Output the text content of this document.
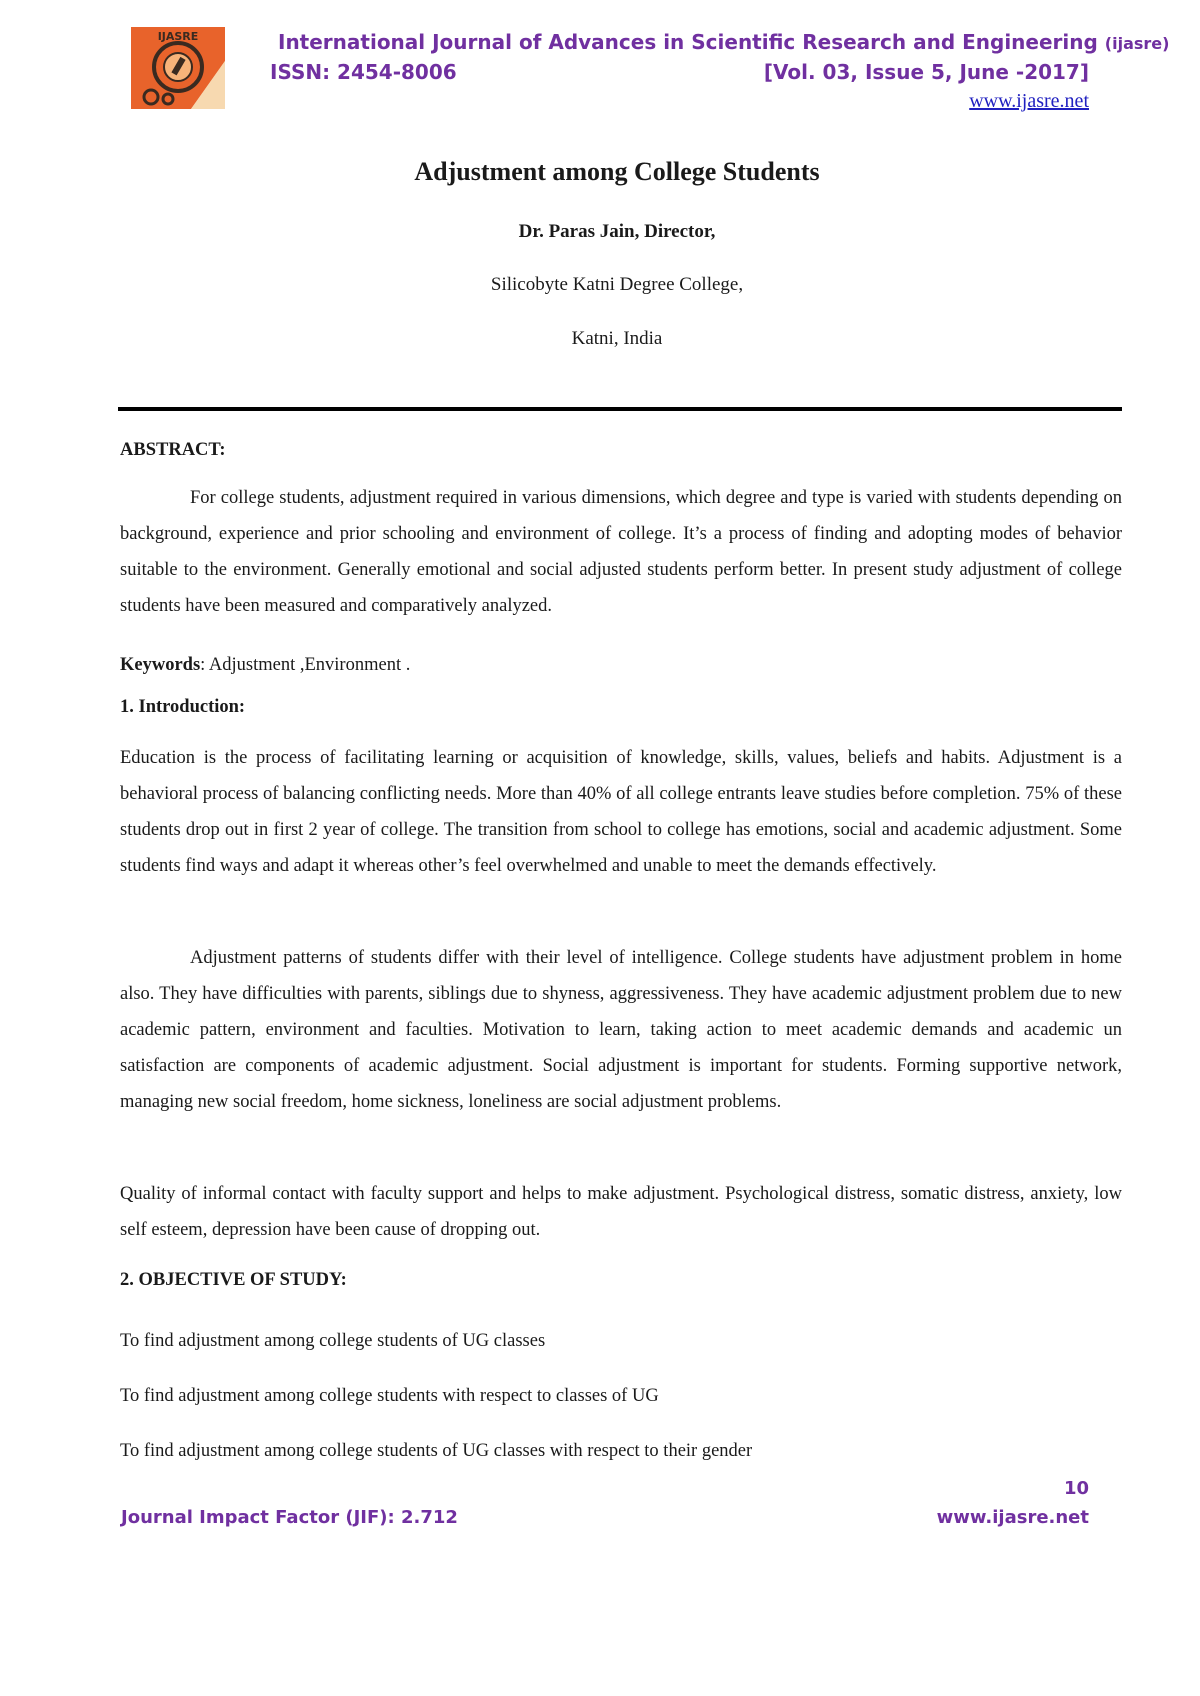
IJASRE	International Journal of Advances in Scientific Research and Engineering (ijasre)
ISSN: 2454-8006	[Vol. 03, Issue 5, June -2017]
www.ijasre.net
Adjustment among College Students
Dr. Paras Jain, Director,
Silicobyte Katni Degree College,
Katni, India
ABSTRACT:
For college students, adjustment required in various dimensions, which degree and type is varied with students depending on background, experience and prior schooling and environment of college. It’s a process of finding and adopting modes of behavior suitable to the environment. Generally emotional and social adjusted students perform better. In present study adjustment of college students have been measured and comparatively analyzed.
Keywords: Adjustment ,Environment .
1. Introduction:
Education is the process of facilitating learning or acquisition of knowledge, skills, values, beliefs and habits. Adjustment is a behavioral process of balancing conflicting needs. More than 40% of all college entrants leave studies before completion. 75% of these students drop out in first 2 year of college. The transition from school to college has emotions, social and academic adjustment. Some students find ways and adapt it whereas other’s feel overwhelmed and unable to meet the demands effectively.
Adjustment patterns of students differ with their level of intelligence. College students have adjustment problem in home also. They have difficulties with parents, siblings due to shyness, aggressiveness. They have academic adjustment problem due to new academic pattern, environment and faculties. Motivation to learn, taking action to meet academic demands and academic un satisfaction are components of academic adjustment. Social adjustment is important for students. Forming supportive network, managing new social freedom, home sickness, loneliness are social adjustment problems.
Quality of informal contact with faculty support and helps to make adjustment. Psychological distress, somatic distress, anxiety, low self esteem, depression have been cause of dropping out.
2. OBJECTIVE OF STUDY:
To find adjustment among college students of UG classes
To find adjustment among college students with respect to classes of UG
To find adjustment among college students of UG classes with respect to their gender
10
Journal Impact Factor (JIF): 2.712	www.ijasre.net
